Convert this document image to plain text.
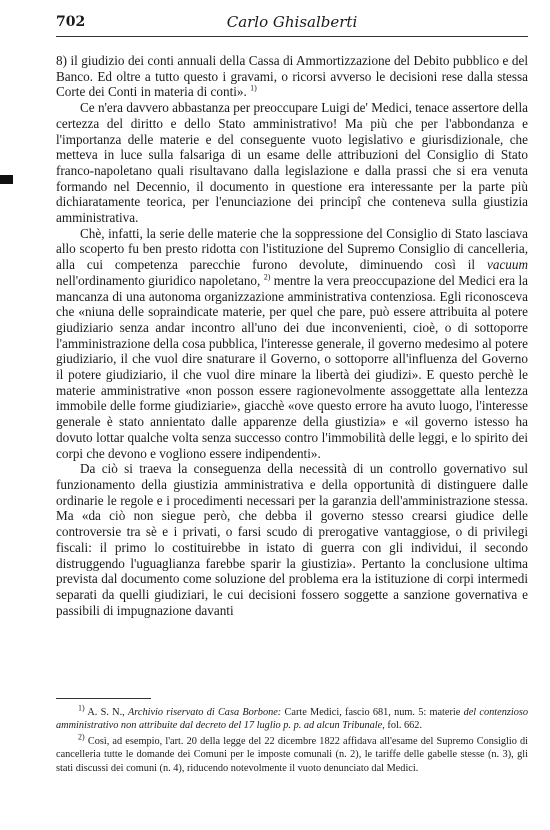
702	Carlo Ghisalberti

8) il giudizio dei conti annuali della Cassa di Ammortizzazione del Debito pubblico e del Banco. Ed oltre a tutto questo i gravami, o ricorsi avverso le decisioni rese dalla stessa Corte dei Conti in materia di conti». $^{1)}$

Ce n'era davvero abbastanza per preoccupare Luigi de' Medici, tenace assertore della certezza del diritto e dello Stato amministrativo! Ma più che per l'abbondanza e l'importanza delle materie e del conseguente vuoto legislativo e giurisdizionale, che metteva in luce sulla falsariga di un esame delle attribuzioni del Consiglio di Stato franco-napoletano quali risultavano dalla legislazione e dalla prassi che si era venuta formando nel Decennio, il documento in questione era interessante per la parte più dichiaratamente teorica, per l'enunciazione dei principî che conteneva sulla giustizia amministrativa.

Chè, infatti, la serie delle materie che la soppressione del Consiglio di Stato lasciava allo scoperto fu ben presto ridotta con l'istituzione del Supremo Consiglio di cancelleria, alla cui competenza parecchie furono devolute, diminuendo così il vacuum nell'ordinamento giuridico napoletano, $^{2)}$ mentre la vera preoccupazione del Medici era la mancanza di una autonoma organizzazione amministrativa contenziosa. Egli riconosceva che «niuna delle sopraindicate materie, per quel che pare, può essere attribuita al potere giudiziario senza andar incontro all'uno dei due inconvenienti, cioè, o di sottoporre l'amministrazione della cosa pubblica, l'interesse generale, il governo medesimo al potere giudiziario, il che vuol dire snaturare il Governo, o sottoporre all'influenza del Governo il potere giudiziario, il che vuol dire minare la libertà dei giudizi». E questo perchè le materie amministrative «non posson essere ragionevolmente assoggettate alla lentezza immobile delle forme giudiziarie», giacchè «ove questo errore ha avuto luogo, l'interesse generale è stato annientato dalle apparenze della giustizia» e «il governo istesso ha dovuto lottar qualche volta senza successo contro l'immobilità delle leggi, e lo spirito dei corpi che devono e vogliono essere indipendenti».

Da ciò si traeva la conseguenza della necessità di un controllo governativo sul funzionamento della giustizia amministrativa e della opportunità di distinguere dalle ordinarie le regole e i procedimenti necessari per la garanzia dell'amministrazione stessa. Ma «da ciò non siegue però, che debba il governo stesso crearsi giudice delle controversie tra sè e i privati, o farsi scudo di prerogative vantaggiose, o di privilegi fiscali: il primo lo costituirebbe in istato di guerra con gli individui, il secondo distruggendo l'uguaglianza farebbe sparir la giustizia». Pertanto la conclusione ultima prevista dal documento come soluzione del problema era la istituzione di corpi intermedi separati da quelli giudiziari, le cui decisioni fossero soggette a sanzione governativa e passibili di impugnazione davanti

$^{1)}$ A. S. N., Archivio riservato di Casa Borbone: Carte Medici, fascio 681, num. 5: materie del contenzioso amministrativo non attribuite dal decreto del 17 luglio p. p. ad alcun Tribunale, fol. 662.

$^{2)}$ Così, ad esempio, l'art. 20 della legge del 22 dicembre 1822 affidava all'esame del Supremo Consiglio di cancelleria tutte le domande dei Comuni per le imposte comunali (n. 2), le tariffe delle gabelle stesse (n. 3), gli stati discussi dei comuni (n. 4), riducendo notevolmente il vuoto denunciato dal Medici.
